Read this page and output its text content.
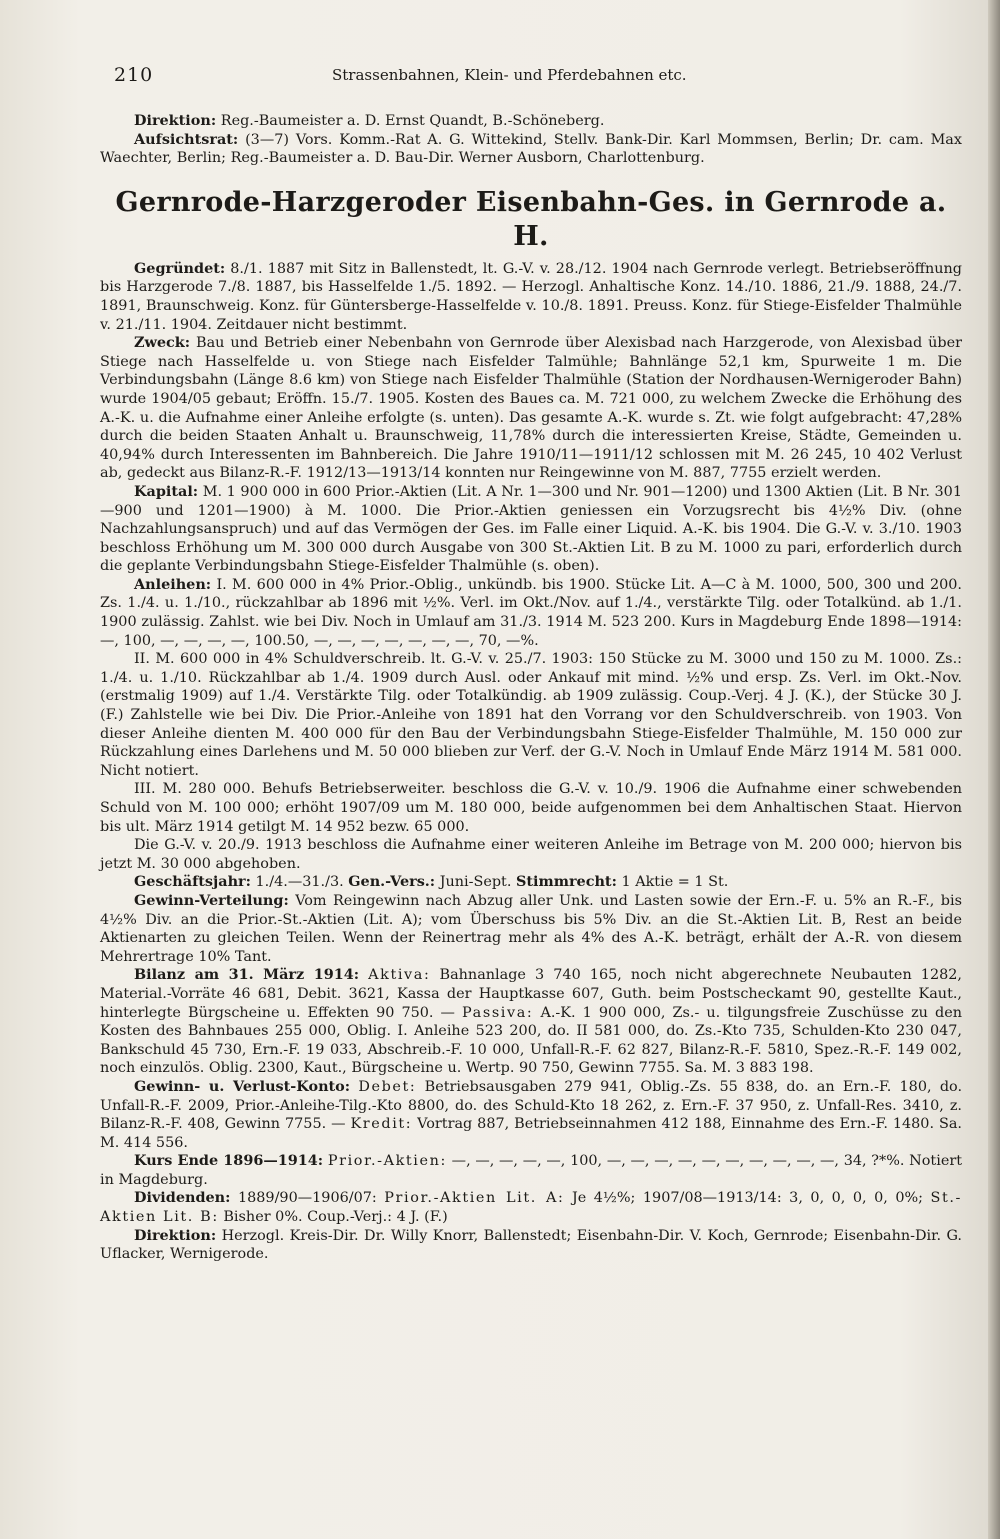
210	Strassenbahnen, Klein- und Pferdebahnen etc.

Direktion: Reg.-Baumeister a. D. Ernst Quandt, B.-Schöneberg.

Aufsichtsrat: (3—7) Vors. Komm.-Rat A. G. Wittekind, Stellv. Bank-Dir. Karl Mommsen, Berlin; Dr. cam. Max Waechter, Berlin; Reg.-Baumeister a. D. Bau-Dir. Werner Ausborn, Charlottenburg.

Gernrode-Harzgeroder Eisenbahn-Ges. in Gernrode a. H.

Gegründet: 8./1. 1887 mit Sitz in Ballenstedt, lt. G.-V. v. 28./12. 1904 nach Gernrode verlegt. Betriebseröffnung bis Harzgerode 7./8. 1887, bis Hasselfelde 1./5. 1892. — Herzogl. Anhaltische Konz. 14./10. 1886, 21./9. 1888, 24./7. 1891, Braunschweig. Konz. für Güntersberge-Hasselfelde v. 10./8. 1891. Preuss. Konz. für Stiege-Eisfelder Thalmühle v. 21./11. 1904. Zeitdauer nicht bestimmt.

Zweck: Bau und Betrieb einer Nebenbahn von Gernrode über Alexisbad nach Harzgerode, von Alexisbad über Stiege nach Hasselfelde u. von Stiege nach Eisfelder Talmühle; Bahnlänge 52,1 km, Spurweite 1 m. Die Verbindungsbahn (Länge 8.6 km) von Stiege nach Eisfelder Thalmühle (Station der Nordhausen-Wernigeroder Bahn) wurde 1904/05 gebaut; Eröffn. 15./7. 1905. Kosten des Baues ca. M. 721 000, zu welchem Zwecke die Erhöhung des A.-K. u. die Aufnahme einer Anleihe erfolgte (s. unten). Das gesamte A.-K. wurde s. Zt. wie folgt aufgebracht: 47,28% durch die beiden Staaten Anhalt u. Braunschweig, 11,78% durch die interessierten Kreise, Städte, Gemeinden u. 40,94% durch Interessenten im Bahnbereich. Die Jahre 1910/11—1911/12 schlossen mit M. 26 245, 10 402 Verlust ab, gedeckt aus Bilanz-R.-F. 1912/13—1913/14 konnten nur Reingewinne von M. 887, 7755 erzielt werden.

Kapital: M. 1 900 000 in 600 Prior.-Aktien (Lit. A Nr. 1—300 und Nr. 901—1200) und 1300 Aktien (Lit. B Nr. 301—900 und 1201—1900) à M. 1000. Die Prior.-Aktien geniessen ein Vorzugsrecht bis 4½% Div. (ohne Nachzahlungsanspruch) und auf das Vermögen der Ges. im Falle einer Liquid. A.-K. bis 1904. Die G.-V. v. 3./10. 1903 beschloss Erhöhung um M. 300 000 durch Ausgabe von 300 St.-Aktien Lit. B zu M. 1000 zu pari, erforderlich durch die geplante Verbindungsbahn Stiege-Eisfelder Thalmühle (s. oben).

Anleihen: I. M. 600 000 in 4% Prior.-Oblig., unkündb. bis 1900. Stücke Lit. A—C à M. 1000, 500, 300 und 200. Zs. 1./4. u. 1./10., rückzahlbar ab 1896 mit ½%. Verl. im Okt./Nov. auf 1./4., verstärkte Tilg. oder Totalkünd. ab 1./1. 1900 zulässig. Zahlst. wie bei Div. Noch in Umlauf am 31./3. 1914 M. 523 200. Kurs in Magdeburg Ende 1898—1914: —, 100, —, —, —, —, 100.50, —, —, —, —, —, —, —, 70, —%.

II. M. 600 000 in 4% Schuldverschreib. lt. G.-V. v. 25./7. 1903: 150 Stücke zu M. 3000 und 150 zu M. 1000. Zs.: 1./4. u. 1./10. Rückzahlbar ab 1./4. 1909 durch Ausl. oder Ankauf mit mind. ½% und ersp. Zs. Verl. im Okt.-Nov. (erstmalig 1909) auf 1./4. Verstärkte Tilg. oder Totalkündig. ab 1909 zulässig. Coup.-Verj. 4 J. (K.), der Stücke 30 J. (F.) Zahlstelle wie bei Div. Die Prior.-Anleihe von 1891 hat den Vorrang vor den Schuldverschreib. von 1903. Von dieser Anleihe dienten M. 400 000 für den Bau der Verbindungsbahn Stiege-Eisfelder Thalmühle, M. 150 000 zur Rückzahlung eines Darlehens und M. 50 000 blieben zur Verf. der G.-V. Noch in Umlauf Ende März 1914 M. 581 000. Nicht notiert.

III. M. 280 000. Behufs Betriebserweiter. beschloss die G.-V. v. 10./9. 1906 die Aufnahme einer schwebenden Schuld von M. 100 000; erhöht 1907/09 um M. 180 000, beide aufgenommen bei dem Anhaltischen Staat. Hiervon bis ult. März 1914 getilgt M. 14 952 bezw. 65 000.

Die G.-V. v. 20./9. 1913 beschloss die Aufnahme einer weiteren Anleihe im Betrage von M. 200 000; hiervon bis jetzt M. 30 000 abgehoben.

Geschäftsjahr: 1./4.—31./3. Gen.-Vers.: Juni-Sept. Stimmrecht: 1 Aktie = 1 St.

Gewinn-Verteilung: Vom Reingewinn nach Abzug aller Unk. und Lasten sowie der Ern.-F. u. 5% an R.-F., bis 4½% Div. an die Prior.-St.-Aktien (Lit. A); vom Überschuss bis 5% Div. an die St.-Aktien Lit. B, Rest an beide Aktienarten zu gleichen Teilen. Wenn der Reinertrag mehr als 4% des A.-K. beträgt, erhält der A.-R. von diesem Mehrertrage 10% Tant.

Bilanz am 31. März 1914: Aktiva: Bahnanlage 3 740 165, noch nicht abgerechnete Neubauten 1282, Material.-Vorräte 46 681, Debit. 3621, Kassa der Hauptkasse 607, Guth. beim Postscheckamt 90, gestellte Kaut., hinterlegte Bürgscheine u. Effekten 90 750. — Passiva: A.-K. 1 900 000, Zs.- u. tilgungsfreie Zuschüsse zu den Kosten des Bahnbaues 255 000, Oblig. I. Anleihe 523 200, do. II 581 000, do. Zs.-Kto 735, Schulden-Kto 230 047, Bankschuld 45 730, Ern.-F. 19 033, Abschreib.-F. 10 000, Unfall-R.-F. 62 827, Bilanz-R.-F. 5810, Spez.-R.-F. 149 002, noch einzulös. Oblig. 2300, Kaut., Bürgscheine u. Wertp. 90 750, Gewinn 7755. Sa. M. 3 883 198.

Gewinn- u. Verlust-Konto: Debet: Betriebsausgaben 279 941, Oblig.-Zs. 55 838, do. an Ern.-F. 180, do. Unfall-R.-F. 2009, Prior.-Anleihe-Tilg.-Kto 8800, do. des Schuld-Kto 18 262, z. Ern.-F. 37 950, z. Unfall-Res. 3410, z. Bilanz-R.-F. 408, Gewinn 7755. — Kredit: Vortrag 887, Betriebseinnahmen 412 188, Einnahme des Ern.-F. 1480. Sa. M. 414 556.

Kurs Ende 1896—1914: Prior.-Aktien: —, —, —, —, —, 100, —, —, —, —, —, —, —, —, —, —, 34, ?*%. Notiert in Magdeburg.

Dividenden: 1889/90—1906/07: Prior.-Aktien Lit. A: Je 4½%; 1907/08—1913/14: 3, 0, 0, 0, 0, 0%; St.-Aktien Lit. B: Bisher 0%. Coup.-Verj.: 4 J. (F.)

Direktion: Herzogl. Kreis-Dir. Dr. Willy Knorr, Ballenstedt; Eisenbahn-Dir. V. Koch, Gernrode; Eisenbahn-Dir. G. Uflacker, Wernigerode.
